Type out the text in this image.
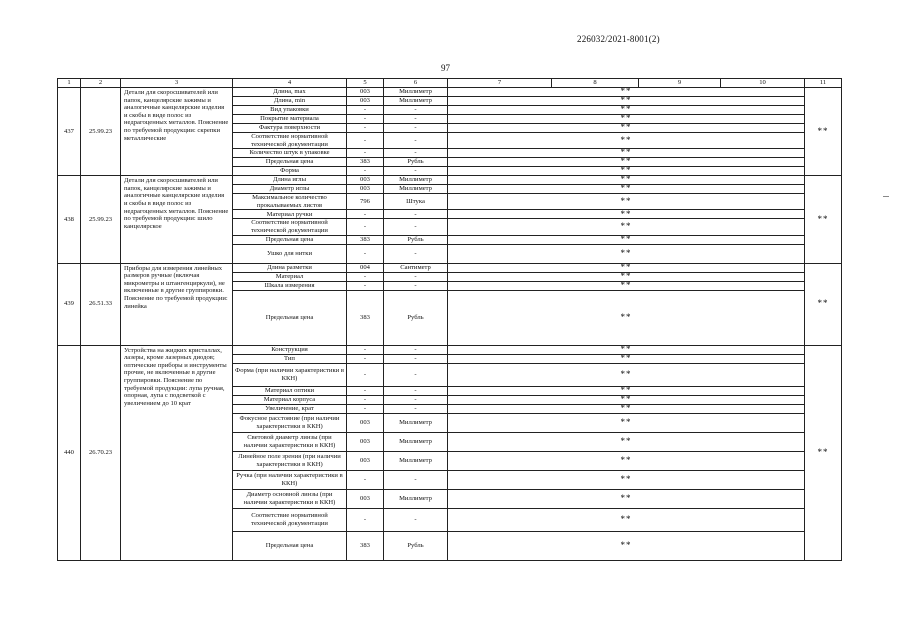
226032/2021-8001(2)
97
1	2	3	4	5	6	7	8	9	10	11
437	25.99.23	Детали для скоросшивателей или папок, канцелярские зажимы и аналогичные канцелярские изделия и скобы в виде полос из недрагоценных металлов. Пояснение по требуемой продукции: скрепки металлические	Длина, max	003	Миллиметр	**				**
			Длина, min	003	Миллиметр	**				
			Вид упаковки	-	-	**				
			Покрытие материала	-	-	**				
			Фактура поверхности	-	-	**				
			Соответствие нормативной технической документации	-	-	**				
			Количество штук в упаковке	-	-	**				
			Предельная цена	383	Рубль	**				
			Форма	-	-	**				
438	25.99.23	Детали для скоросшивателей или папок, канцелярские зажимы и аналогичные канцелярские изделия и скобы в виде полос из недрагоценных металлов. Пояснение по требуемой продукции: шило канцелярское	Длина иглы	003	Миллиметр	**				**
			Диаметр иглы	003	Миллиметр	**				
			Максимальное количество прокалываемых листов	796	Штука	**				
			Материал ручки	-	-	**				
			Соответствие нормативной технической документации	-	-	**				
			Предельная цена	383	Рубль	**				
			Ушко для нитки	-	-	**				
439	26.51.33	Приборы для измерения линейных размеров ручные (включая микрометры и штангенциркули), не включенные в другие группировки. Пояснение по требуемой продукции: линейка	Длина разметки	004	Сантиметр	**				**
			Материал	-	-	**				
			Шкала измерения	-	-	**				
			Предельная цена	383	Рубль	**				
440	26.70.23	Устройства на жидких кристаллах, лазеры, кроме лазерных диодов; оптические приборы и инструменты прочие, не включенные в другие группировки. Пояснение по требуемой продукции: лупа ручная, опорная, лупа с подсветкой с увеличением до 10 крат	Конструкция	-	-	**				**
			Тип	-	-	**				
			Форма (при наличии характеристики в ККН)	-	-	**				
			Материал оптики	-	-	**				
			Материал корпуса	-	-	**				
			Увеличение, крат	-	-	**				
			Фокусное расстояние (при наличии характеристики в ККН)	003	Миллиметр	**				
			Световой диаметр линзы (при наличии характеристики в ККН)	003	Миллиметр	**				
			Линейное поле зрения (при наличии характеристики в ККН)	003	Миллиметр	**				
			Ручка (при наличии характеристики в ККН)	-	-	**				
			Диаметр основной линзы (при наличии характеристики в ККН)	003	Миллиметр	**				
			Соответствие нормативной технической документации	-	-	**				
			Предельная цена	383	Рубль	**				
